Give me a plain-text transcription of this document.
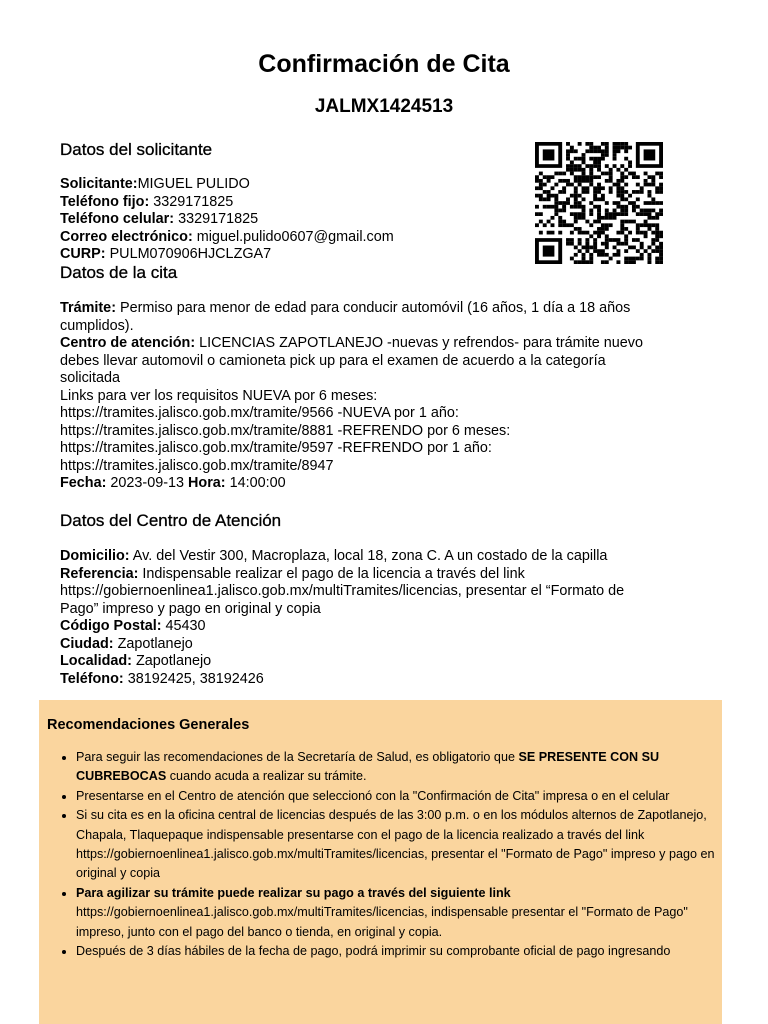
Confirmación de Cita
JALMX1424513
Datos del solicitante
Solicitante:MIGUEL PULIDO
Teléfono fijo: 3329171825
Teléfono celular: 3329171825
Correo electrónico: miguel.pulido0607@gmail.com
CURP: PULM070906HJCLZGA7
Datos de la cita
Trámite: Permiso para menor de edad para conducir automóvil (16 años, 1 día a 18 años
cumplidos).
Centro de atención: LICENCIAS ZAPOTLANEJO -nuevas y refrendos- para trámite nuevo
debes llevar automovil o camioneta pick up para el examen de acuerdo a la categoría
solicitada
Links para ver los requisitos NUEVA por 6 meses:
https://tramites.jalisco.gob.mx/tramite/9566 -NUEVA por 1 año:
https://tramites.jalisco.gob.mx/tramite/8881 -REFRENDO por 6 meses:
https://tramites.jalisco.gob.mx/tramite/9597 -REFRENDO por 1 año:
https://tramites.jalisco.gob.mx/tramite/8947
Fecha: 2023-09-13 Hora: 14:00:00
Datos del Centro de Atención
Domicilio: Av. del Vestir 300, Macroplaza, local 18, zona C. A un costado de la capilla
Referencia: Indispensable realizar el pago de la licencia a través del link
https://gobiernoenlinea1.jalisco.gob.mx/multiTramites/licencias, presentar el “Formato de
Pago” impreso y pago en original y copia
Código Postal: 45430
Ciudad: Zapotlanejo
Localidad: Zapotlanejo
Teléfono: 38192425, 38192426
Recomendaciones Generales
• Para seguir las recomendaciones de la Secretaría de Salud, es obligatorio que SE PRESENTE CON SU CUBREBOCAS cuando acuda a realizar su trámite.
• Presentarse en el Centro de atención que seleccionó con la "Confirmación de Cita" impresa o en el celular
• Si su cita es en la oficina central de licencias después de las 3:00 p.m. o en los módulos alternos de Zapotlanejo, Chapala, Tlaquepaque indispensable presentarse con el pago de la licencia realizado a través del link https://gobiernoenlinea1.jalisco.gob.mx/multiTramites/licencias, presentar el "Formato de Pago" impreso y pago en original y copia
• Para agilizar su trámite puede realizar su pago a través del siguiente link https://gobiernoenlinea1.jalisco.gob.mx/multiTramites/licencias, indispensable presentar el "Formato de Pago" impreso, junto con el pago del banco o tienda, en original y copia.
• Después de 3 días hábiles de la fecha de pago, podrá imprimir su comprobante oficial de pago ingresando
